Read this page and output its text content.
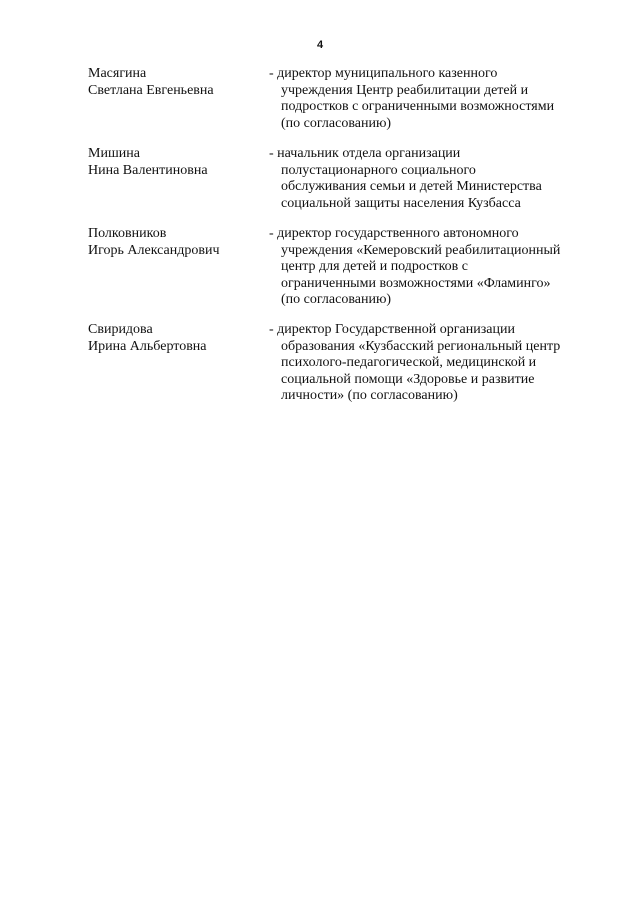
4
Масягина
Светлана Евгеньевна
- директор муниципального казенного
учреждения Центр реабилитации детей и
подростков с ограниченными возможностями
(по согласованию)
Мишина
Нина Валентиновна
- начальник отдела организации
полустационарного социального
обслуживания семьи и детей Министерства
социальной защиты населения Кузбасса
Полковников
Игорь Александрович
- директор государственного автономного
учреждения «Кемеровский реабилитационный
центр для детей и подростков с
ограниченными возможностями «Фламинго»
(по согласованию)
Свиридова
Ирина Альбертовна
- директор Государственной организации
образования «Кузбасский региональный центр
психолого-педагогической, медицинской и
социальной помощи «Здоровье и развитие
личности» (по согласованию)
